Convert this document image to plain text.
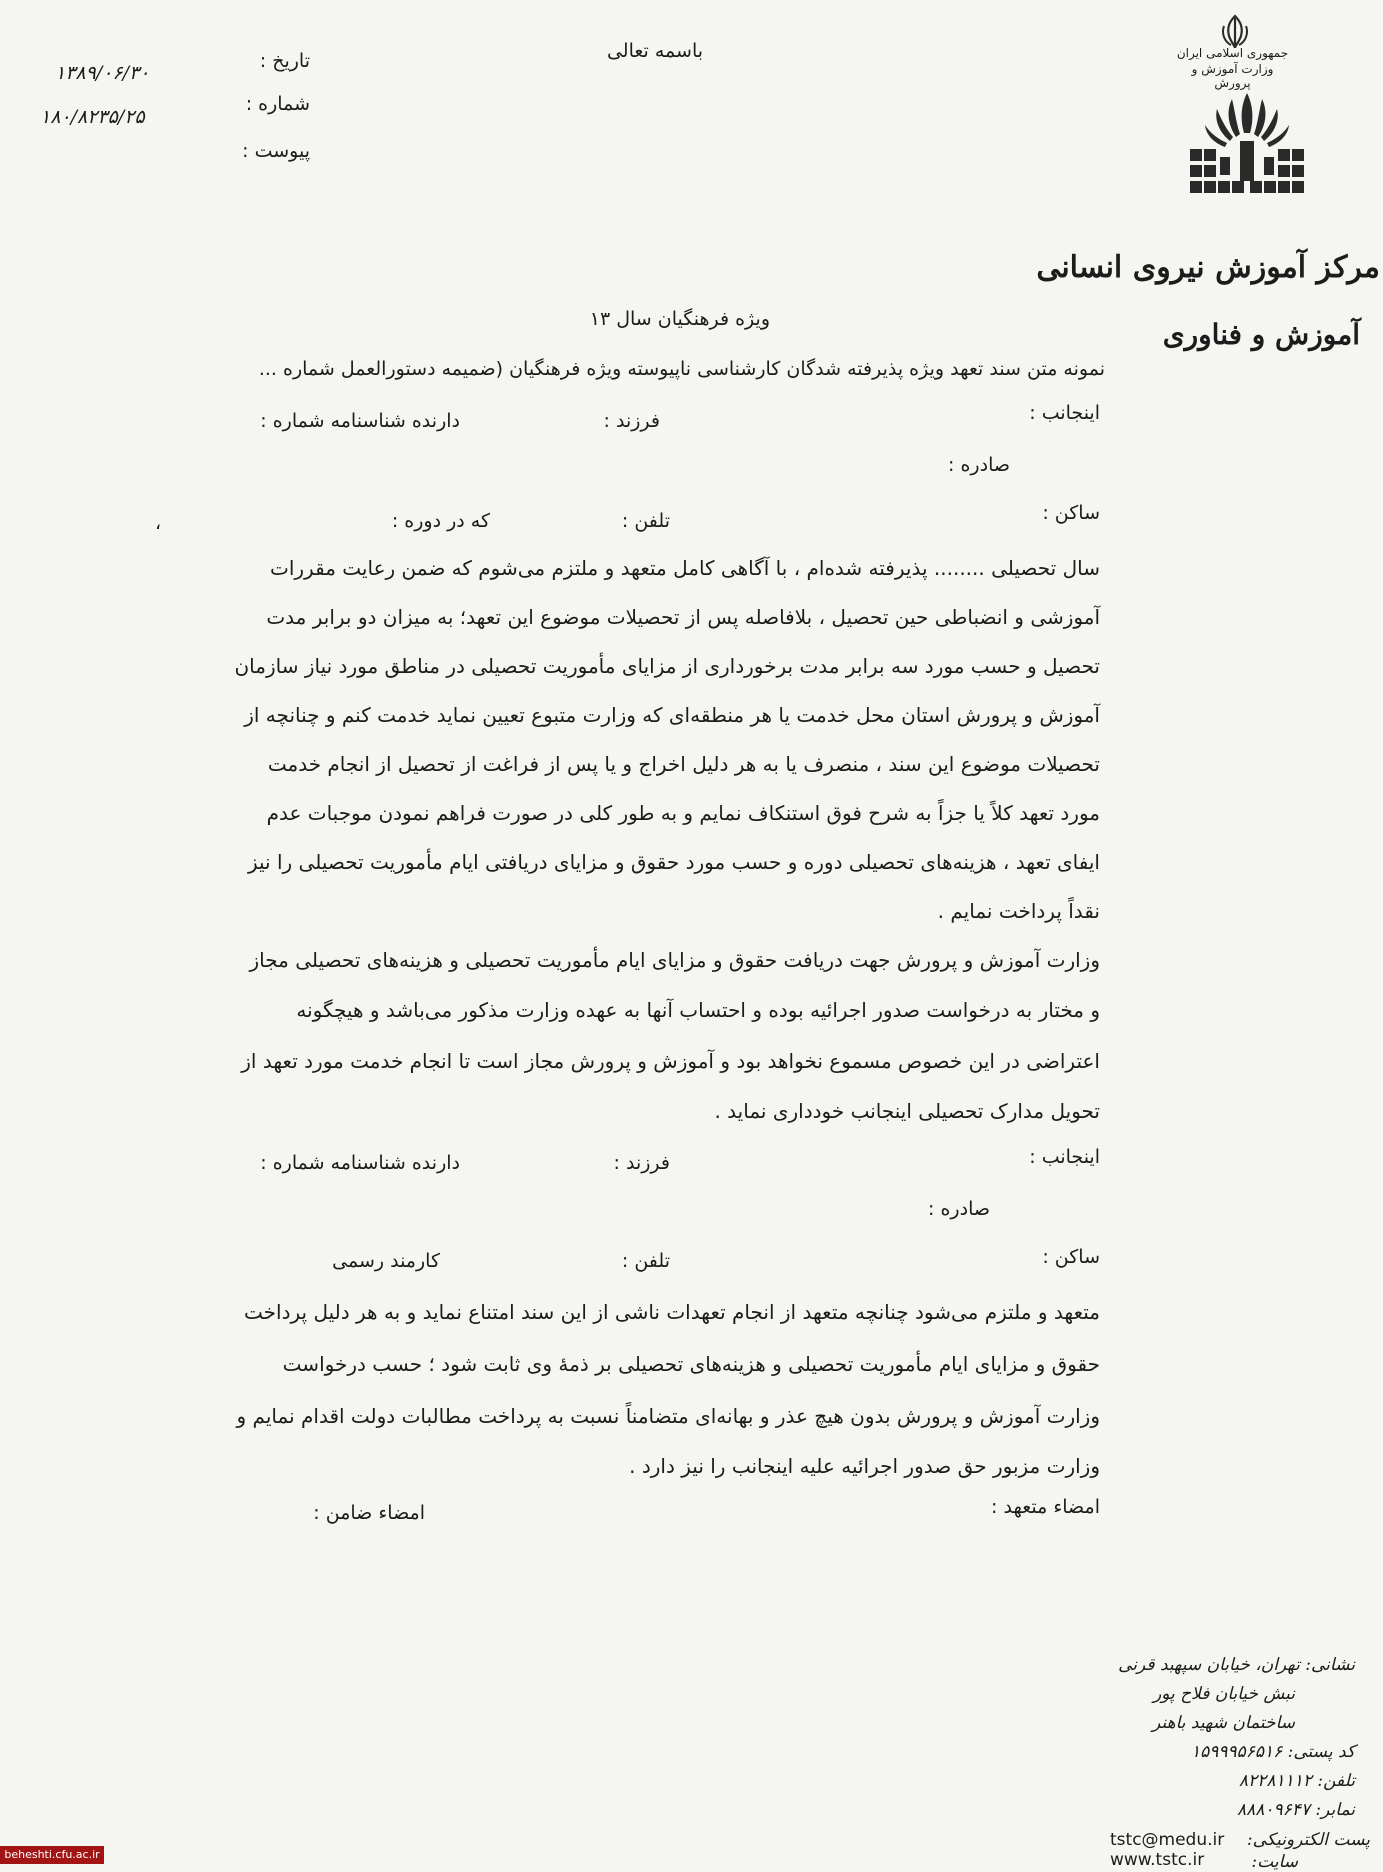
باسمه تعالی
تاریخ :
۱۳۸۹/۰۶/۳۰
شماره :
۱۸۰/۸۲۳۵/۲۵
پیوست :
جمهوری اسلامی ایران
وزارت آموزش و پرورش
مرکز آموزش نیروی انسانی
آموزش و فناوری
ویژه فرهنگیان سال ۱۳
نمونه متن سند تعهد ویژه پذیرفته شدگان کارشناسی ناپیوسته ویژه فرهنگیان (ضمیمه دستورالعمل شماره ...
اینجانب :
فرزند :
دارنده شناسنامه شماره :
صادره :
ساکن :
تلفن :
که در دوره :
،
سال تحصیلی ........ پذیرفته شده‌ام ، با آگاهی کامل متعهد و ملتزم می‌شوم که ضمن رعایت مقررات
آموزشی و انضباطی حین تحصیل ، بلافاصله پس از تحصیلات موضوع این تعهد؛ به میزان دو برابر مدت
تحصیل و حسب مورد سه برابر مدت برخورداری از مزایای مأموریت تحصیلی در مناطق مورد نیاز سازمان
آموزش و پرورش استان محل خدمت یا هر منطقه‌ای که وزارت متبوع تعیین نماید خدمت کنم و چنانچه از
تحصیلات موضوع این سند ، منصرف یا به هر دلیل اخراج و یا پس از فراغت از تحصیل از انجام خدمت
مورد تعهد کلاً یا جزاً به شرح فوق استنکاف نمایم و به طور کلی در صورت فراهم نمودن موجبات عدم
ایفای تعهد ، هزینه‌های تحصیلی دوره و حسب مورد حقوق و مزایای دریافتی ایام مأموریت تحصیلی را نیز
نقداً پرداخت نمایم .
وزارت آموزش و پرورش جهت دریافت حقوق و مزایای ایام مأموریت تحصیلی و هزینه‌های تحصیلی مجاز
و مختار به درخواست صدور اجرائیه بوده و احتساب آنها به عهده وزارت مذکور می‌باشد و هیچگونه
اعتراضی در این خصوص مسموع نخواهد بود و آموزش و پرورش مجاز است تا انجام خدمت مورد تعهد از
تحویل مدارک تحصیلی اینجانب خودداری نماید .
اینجانب :
فرزند :
دارنده شناسنامه شماره :
صادره :
ساکن :
تلفن :
کارمند رسمی
متعهد و ملتزم می‌شود چنانچه متعهد از انجام تعهدات ناشی از این سند امتناع نماید و به هر دلیل پرداخت
حقوق و مزایای ایام مأموریت تحصیلی و هزینه‌های تحصیلی بر ذمهٔ وی ثابت شود ؛ حسب درخواست
وزارت آموزش و پرورش بدون هیچ عذر و بهانه‌ای متضامناً نسبت به پرداخت مطالبات دولت اقدام نمایم و
وزارت مزبور حق صدور اجرائیه علیه اینجانب را نیز دارد .
امضاء متعهد :
امضاء ضامن :
نشانی: تهران، خیابان سپهبد قرنی
نبش خیابان فلاح پور
ساختمان شهید باهنر
کد پستی: ۱۵۹۹۹۵۶۵۱۶
تلفن: ۸۲۲۸۱۱۱۲
نمابر: ۸۸۸۰۹۶۴۷
پست الکترونیکی:
tstc@medu.ir
سایت:
www.tstc.ir
beheshti.cfu.ac.ir
